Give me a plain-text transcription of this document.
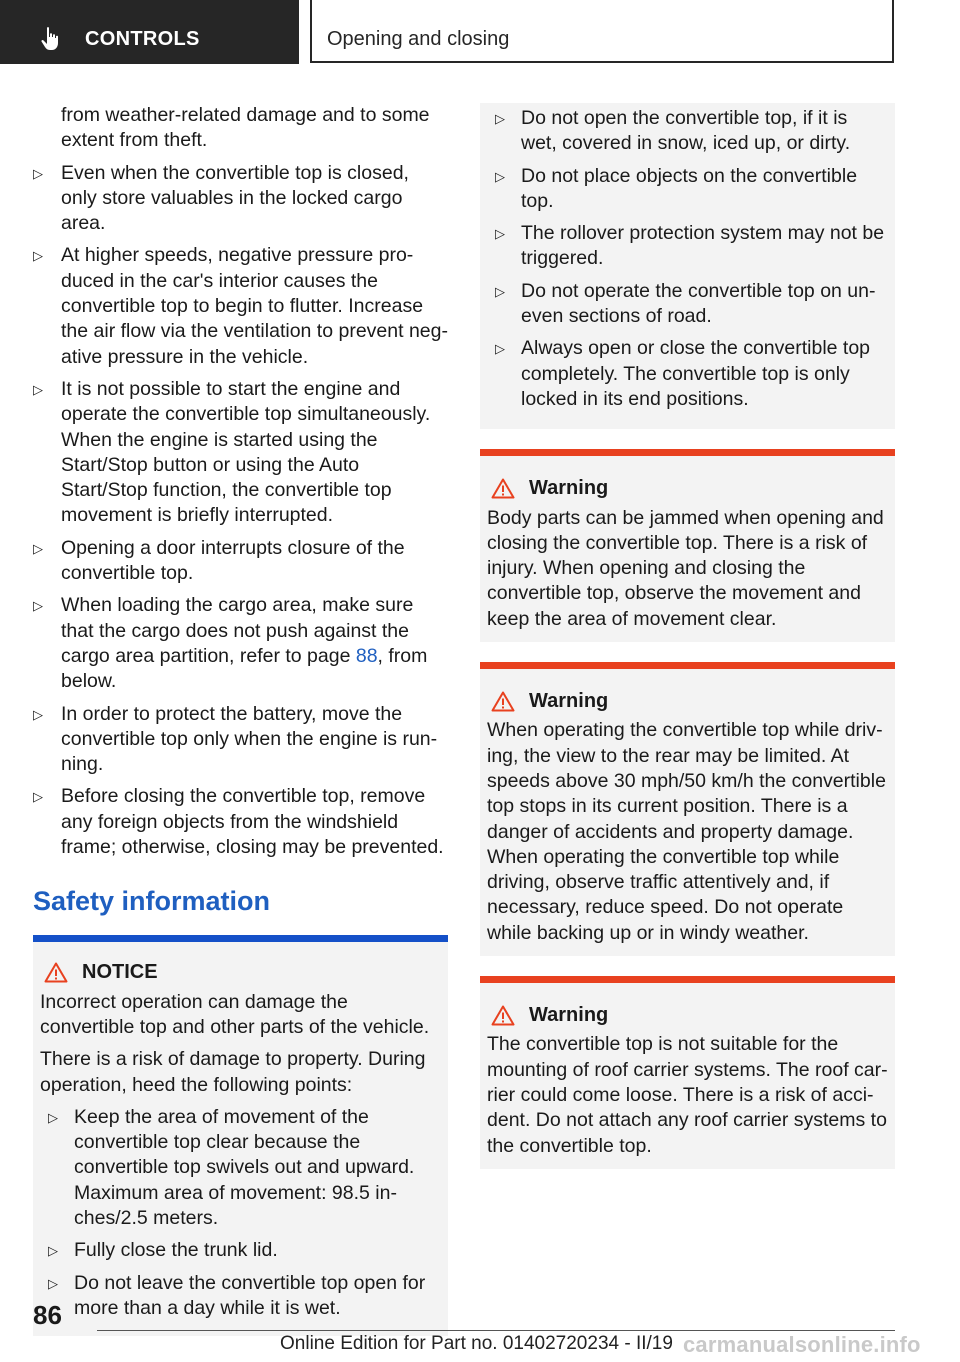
CONTROLS	Opening and closing
from weather-related damage and to some extent from theft.
▷ Even when the convertible top is closed, only store valuables in the locked cargo area.
▷ At higher speeds, negative pressure produced in the car's interior causes the convertible top to begin to flutter. Increase the air flow via the ventilation to prevent negative pressure in the vehicle.
▷ It is not possible to start the engine and operate the convertible top simultaneously. When the engine is started using the Start/Stop button or using the Auto Start/Stop function, the convertible top movement is briefly interrupted.
▷ Opening a door interrupts closure of the convertible top.
▷ When loading the cargo area, make sure that the cargo does not push against the cargo area partition, refer to page 88, from below.
▷ In order to protect the battery, move the convertible top only when the engine is running.
▷ Before closing the convertible top, remove any foreign objects from the windshield frame; otherwise, closing may be prevented.
Safety information
NOTICE

Incorrect operation can damage the convertible top and other parts of the vehicle.

There is a risk of damage to property. During operation, heed the following points:

▷ Keep the area of movement of the convertible top clear because the convertible top swivels out and upward. Maximum area of movement: 98.5 inches/2.5 meters.
▷ Fully close the trunk lid.
▷ Do not leave the convertible top open for more than a day while it is wet.
▷ Do not open the convertible top, if it is wet, covered in snow, iced up, or dirty.
▷ Do not place objects on the convertible top.
▷ The rollover protection system may not be triggered.
▷ Do not operate the convertible top on uneven sections of road.
▷ Always open or close the convertible top completely. The convertible top is only locked in its end positions.
Warning

Body parts can be jammed when opening and closing the convertible top. There is a risk of injury. When opening and closing the convertible top, observe the movement and keep the area of movement clear.

Warning

When operating the convertible top while driving, the view to the rear may be limited. At speeds above 30 mph/50 km/h the convertible top stops in its current position. There is a danger of accidents and property damage. When operating the convertible top while driving, observe traffic attentively and, if necessary, reduce speed. Do not operate while backing up or in windy weather.

Warning

The convertible top is not suitable for the mounting of roof carrier systems. The roof carrier could come loose. There is a risk of accident. Do not attach any roof carrier systems to the convertible top.

86
Online Edition for Part no. 01402720234 - II/19 carmanualsonline.info
